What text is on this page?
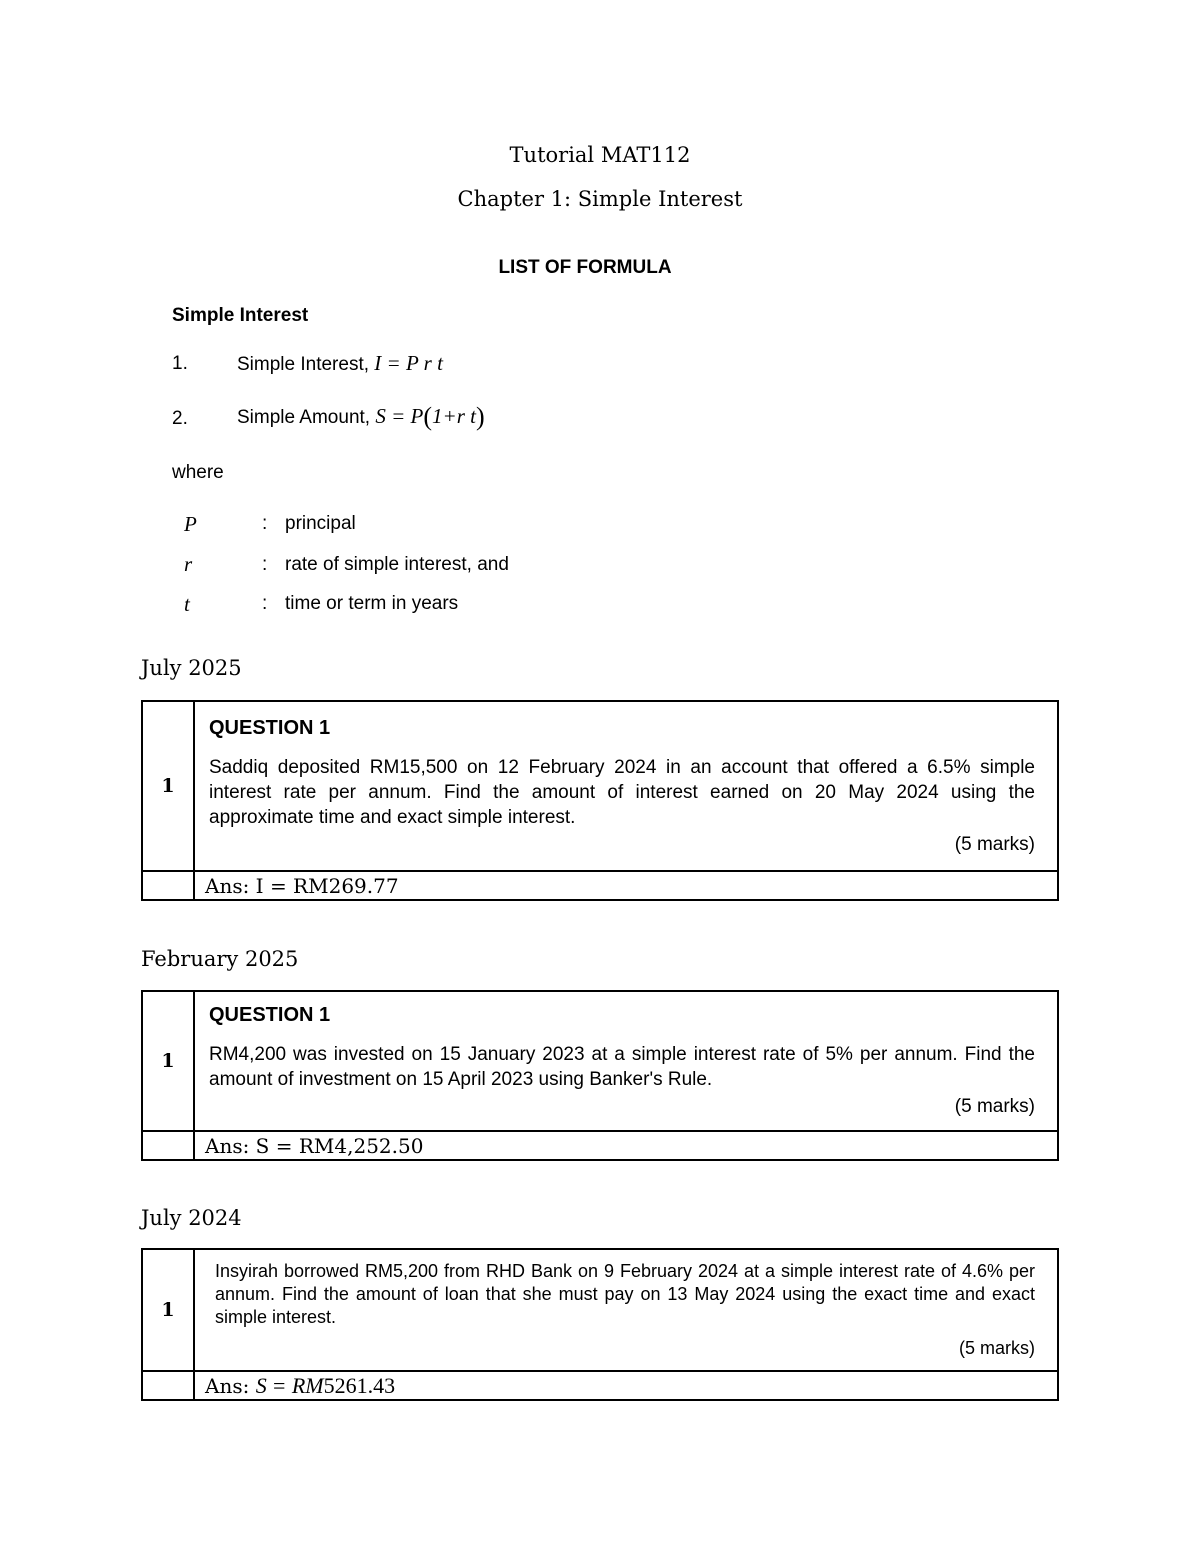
Tutorial MAT112
Chapter 1: Simple Interest
LIST OF FORMULA
Simple Interest
1.	Simple Interest, I = P r t
2.	Simple Amount, S = P(1+r t)
where
P	: principal
r	: rate of simple interest, and
t	: time or term in years
July 2025
1	QUESTION 1
Saddiq deposited RM15,500 on 12 February 2024 in an account that offered a 6.5% simple interest rate per annum. Find the amount of interest earned on 20 May 2024 using the approximate time and exact simple interest.
(5 marks)

	Ans: I = RM269.77
February 2025
1	QUESTION 1
RM4,200 was invested on 15 January 2023 at a simple interest rate of 5% per annum. Find the amount of investment on 15 April 2023 using Banker's Rule.
(5 marks)

	Ans: S = RM4,252.50
July 2024
1	Insyirah borrowed RM5,200 from RHD Bank on 9 February 2024 at a simple interest rate of 4.6% per annum. Find the amount of loan that she must pay on 13 May 2024 using the exact time and exact simple interest.
(5 marks)

	Ans: S = RM5261.43
